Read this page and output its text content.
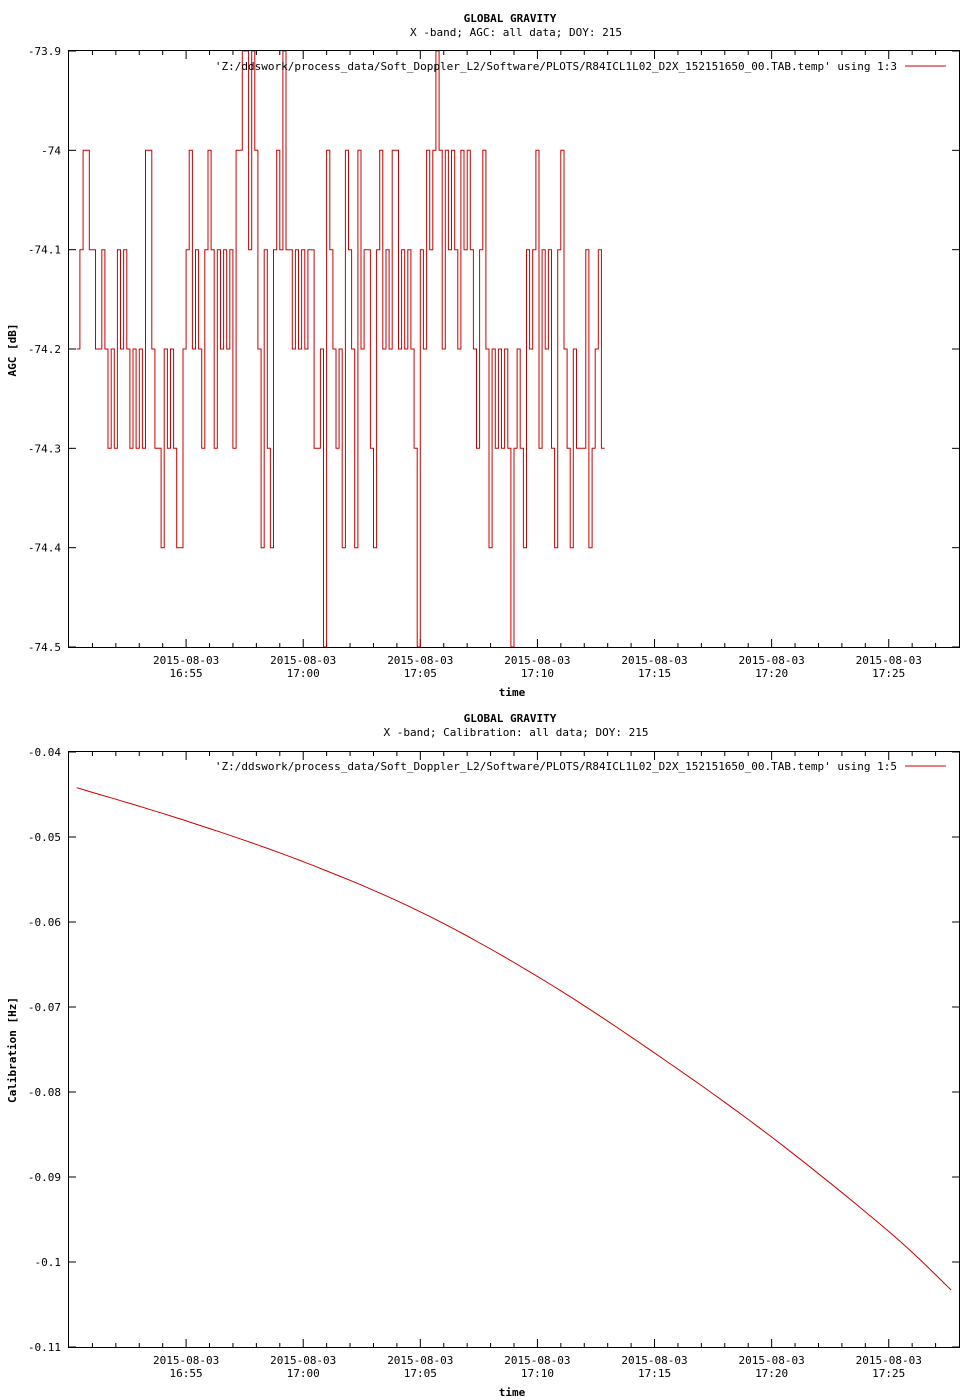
GLOBAL GRAVITY
X -band; AGC: all data; DOY: 215
time
AGC [dB]
-73.9
-74
-74.1
-74.2
-74.3
-74.4
-74.5
2015-08-03
16:55
2015-08-03
17:00
2015-08-03
17:05
2015-08-03
17:10
2015-08-03
17:15
2015-08-03
17:20
2015-08-03
17:25
'Z:/ddswork/process_data/Soft_Doppler_L2/Software/PLOTS/R84ICL1L02_D2X_152151650_00.TAB.temp' using 1:3
GLOBAL GRAVITY
X -band; Calibration: all data; DOY: 215
time
Calibration [Hz]
-0.04
-0.05
-0.06
-0.07
-0.08
-0.09
-0.1
-0.11
2015-08-03
16:55
2015-08-03
17:00
2015-08-03
17:05
2015-08-03
17:10
2015-08-03
17:15
2015-08-03
17:20
2015-08-03
17:25
'Z:/ddswork/process_data/Soft_Doppler_L2/Software/PLOTS/R84ICL1L02_D2X_152151650_00.TAB.temp' using 1:5
